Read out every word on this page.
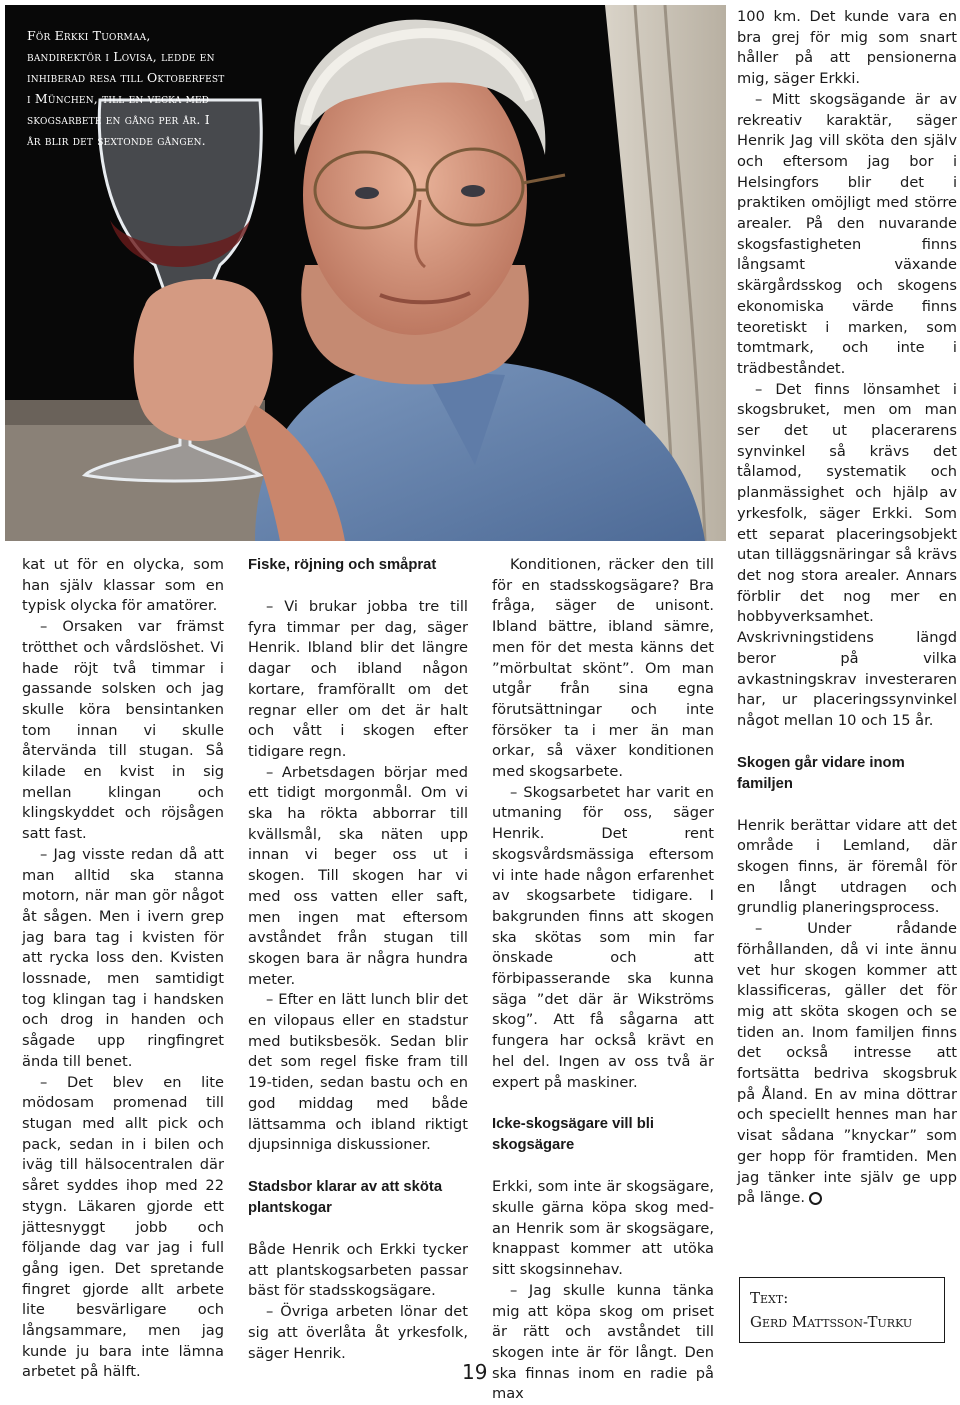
För Erkki Tuormaa, bandirektör i Lovisa, ledde en inhiberad resa till Oktoberfest i München, till en vecka med skogsarbete en gång per år. I år blir det sextonde gången.

kat ut för en olycka, som han själv klassar som en typisk olycka för amatörer.

– Orsaken var främst trötthet och vårdslöshet. Vi hade röjt två timmar i gassande solsken och jag skulle köra bensintanken tom innan vi skulle återvända till stugan. Så kilade en kvist in sig mellan klingan och klingskyddet och röjsågen satt fast.

– Jag visste redan då att man alltid ska stanna motorn, när man gör något åt sågen. Men i ivern grep jag bara tag i kvisten för att rycka loss den. Kvisten lossnade, men samtidigt tog klingan tag i handsken och drog in handen och sågade upp ringfingret ända till benet.

– Det blev en lite mödosam promenad till stugan med allt pick och pack, sedan in i bilen och iväg till hälsocentralen där såret syddes ihop med 22 stygn. Läkaren gjorde ett jättesnyggt jobb och följande dag var jag i full gång igen. Det spretande fingret gjorde allt arbete lite besvärligare och långsammare, men jag kunde ju bara inte lämna arbetet på hälft.

Fiske, röjning och småprat

– Vi brukar jobba tre till fyra timmar per dag, säger Henrik. Ibland blir det längre dagar och ibland någon kortare, framförallt om det regnar eller om det är halt och vått i skogen efter tidigare regn.

– Arbetsdagen börjar med ett tidigt morgonmål. Om vi ska ha rökta abborrar till kvällsmål, ska näten upp innan vi beger oss ut i skogen. Till skogen har vi med oss vatten eller saft, men ingen mat eftersom avståndet från stugan till skogen bara är några hundra meter.

– Efter en lätt lunch blir det en vilopaus eller en stadstur med butiksbesök. Sedan blir det som regel fiske fram till 19-tiden, sedan bastu och en god middag med både lättsamma och ibland riktigt djupsinniga diskussioner.

Stadsbor klarar av att sköta plantskogar

Både Henrik och Erkki tycker att plantskogsarbeten passar bäst för stadsskogsägare.

– Övriga arbeten lönar det sig att överlåta åt yrkesfolk, säger Henrik.

Konditionen, räcker den till för en stadsskogsägare? Bra fråga, säger de unisont. Ibland bättre, ibland sämre, men för det mesta känns det ”mörbultat skönt”. Om man utgår från sina egna förutsättningar och inte försöker ta i mer än man orkar, så växer konditionen med skogsarbete.

– Skogsarbetet har varit en utmaning för oss, säger Henrik. Det rent skogsvårdsmässiga eftersom vi inte hade någon erfarenhet av skogsarbete tidigare. I bakgrunden finns att skogen ska skötas som min far önskade och att förbipasserande ska kunna säga ”det där är Wikströms skog”. Att få sågarna att fungera har också krävt en hel del. Ingen av oss två är expert på maskiner.

Icke-skogsägare vill bli skogsägare

Erkki, som inte är skogsägare, skulle gärna köpa skog med-an Henrik som är skogsägare, knappast kommer att utöka sitt skogsinnehav.

– Jag skulle kunna tänka mig att köpa skog om priset är rätt och avståndet till skogen inte är för långt. Den ska finnas inom en radie på max

100 km. Det kunde vara en bra grej för mig som snart håller på att pensionerna mig, säger Erkki.

– Mitt skogsägande är av rekreativ karaktär, säger Henrik Jag vill sköta den själv och eftersom jag bor i Helsingfors blir det i praktiken omöjligt med större arealer. På den nuvarande skogsfastigheten finns långsamt växande skärgårdsskog och skogens ekonomiska värde finns teoretiskt i marken, som tomtmark, och inte i trädbeståndet.

– Det finns lönsamhet i skogsbruket, men om man ser det ut placerarens synvinkel så krävs det tålamod, systematik och planmässighet och hjälp av yrkesfolk, säger Erkki. Som ett separat placeringsobjekt utan tilläggsnäringar så krävs det nog stora arealer. Annars förblir det nog mer en hobbyverksamhet. Avskrivningstidens längd beror på vilka avkastningskrav investeraren har, ur placeringssynvinkel något mellan 10 och 15 år.

Skogen går vidare inom familjen

Henrik berättar vidare att det område i Lemland, där skogen finns, är föremål för en långt utdragen och grundlig planeringsprocess.

– Under rådande förhållanden, då vi inte ännu vet hur skogen kommer att klassificeras, gäller det för mig att sköta skogen och se tiden an. Inom familjen finns det också intresse att fortsätta bedriva skogsbruk på Åland. En av mina döttrar och speciellt hennes man har visat sådana ”knyckar” som ger hopp för framtiden. Men jag tänker inte själv ge upp på länge.

Text:
Gerd Mattsson-Turku
19
